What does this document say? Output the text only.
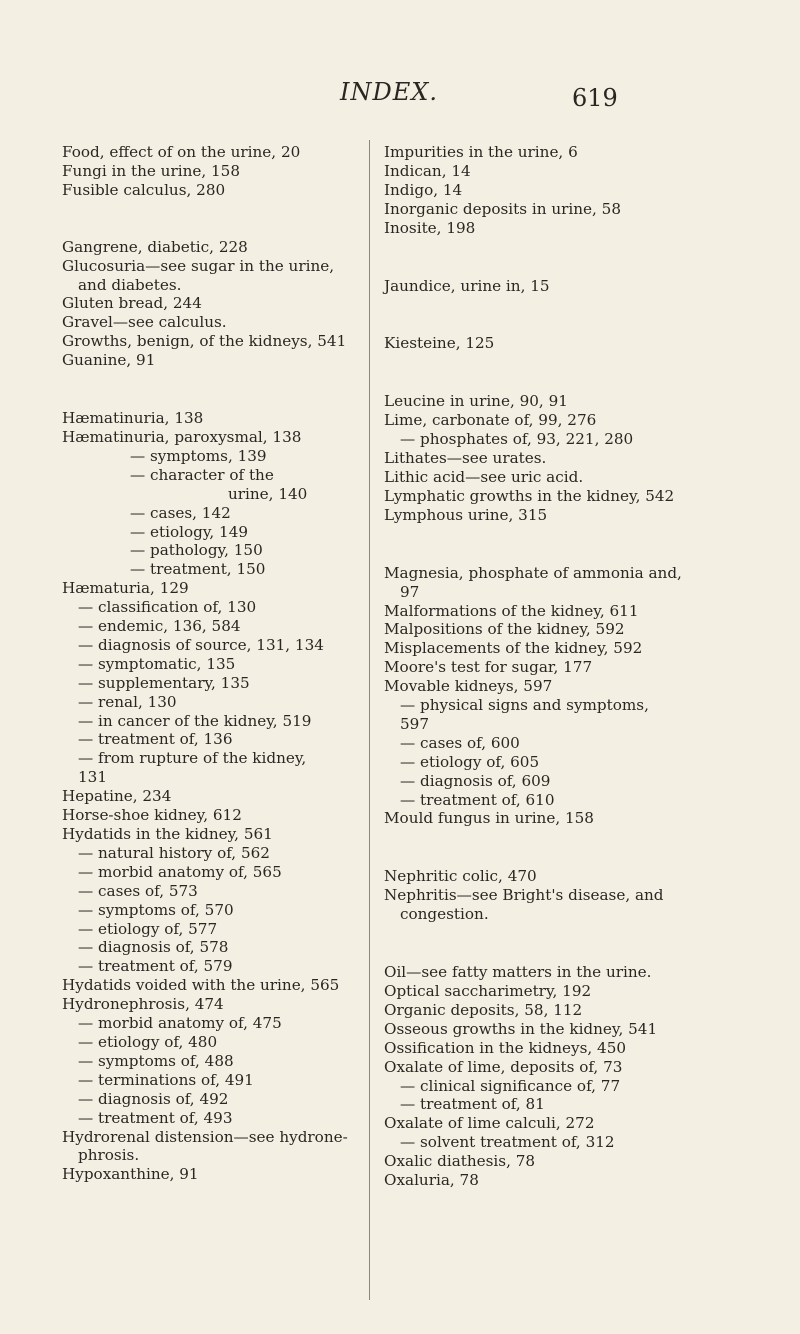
INDEX.	619
Food, effect of on the urine, 20
Fungi in the urine, 158
Fusible calculus, 280
Gangrene, diabetic, 228
Glucosuria—see sugar in the urine,
and diabetes.
Gluten bread, 244
Gravel—see calculus.
Growths, benign, of the kidneys, 541
Guanine, 91
Hæmatinuria, 138
Hæmatinuria, paroxysmal, 138
— symptoms, 139
— character of the
urine, 140
— cases, 142
— etiology, 149
— pathology, 150
— treatment, 150
Hæmaturia, 129
— classification of, 130
— endemic, 136, 584
— diagnosis of source, 131, 134
— symptomatic, 135
— supplementary, 135
— renal, 130
— in cancer of the kidney, 519
— treatment of, 136
— from rupture of the kidney,
131
Hepatine, 234
Horse-shoe kidney, 612
Hydatids in the kidney, 561
— natural history of, 562
— morbid anatomy of, 565
— cases of, 573
— symptoms of, 570
— etiology of, 577
— diagnosis of, 578
— treatment of, 579
Hydatids voided with the urine, 565
Hydronephrosis, 474
— morbid anatomy of, 475
— etiology of, 480
— symptoms of, 488
— terminations of, 491
— diagnosis of, 492
— treatment of, 493
Hydrorenal distension—see hydrone-
phrosis.
Hypoxanthine, 91
Impurities in the urine, 6
Indican, 14
Indigo, 14
Inorganic deposits in urine, 58
Inosite, 198
Jaundice, urine in, 15
Kiesteine, 125
Leucine in urine, 90, 91
Lime, carbonate of, 99, 276
— phosphates of, 93, 221, 280
Lithates—see urates.
Lithic acid—see uric acid.
Lymphatic growths in the kidney, 542
Lymphous urine, 315
Magnesia, phosphate of ammonia and,
97
Malformations of the kidney, 611
Malpositions of the kidney, 592
Misplacements of the kidney, 592
Moore's test for sugar, 177
Movable kidneys, 597
— physical signs and symptoms,
597
— cases of, 600
— etiology of, 605
— diagnosis of, 609
— treatment of, 610
Mould fungus in urine, 158
Nephritic colic, 470
Nephritis—see Bright's disease, and
congestion.
Oil—see fatty matters in the urine.
Optical saccharimetry, 192
Organic deposits, 58, 112
Osseous growths in the kidney, 541
Ossification in the kidneys, 450
Oxalate of lime, deposits of, 73
— clinical significance of, 77
— treatment of, 81
Oxalate of lime calculi, 272
— solvent treatment of, 312
Oxalic diathesis, 78
Oxaluria, 78
